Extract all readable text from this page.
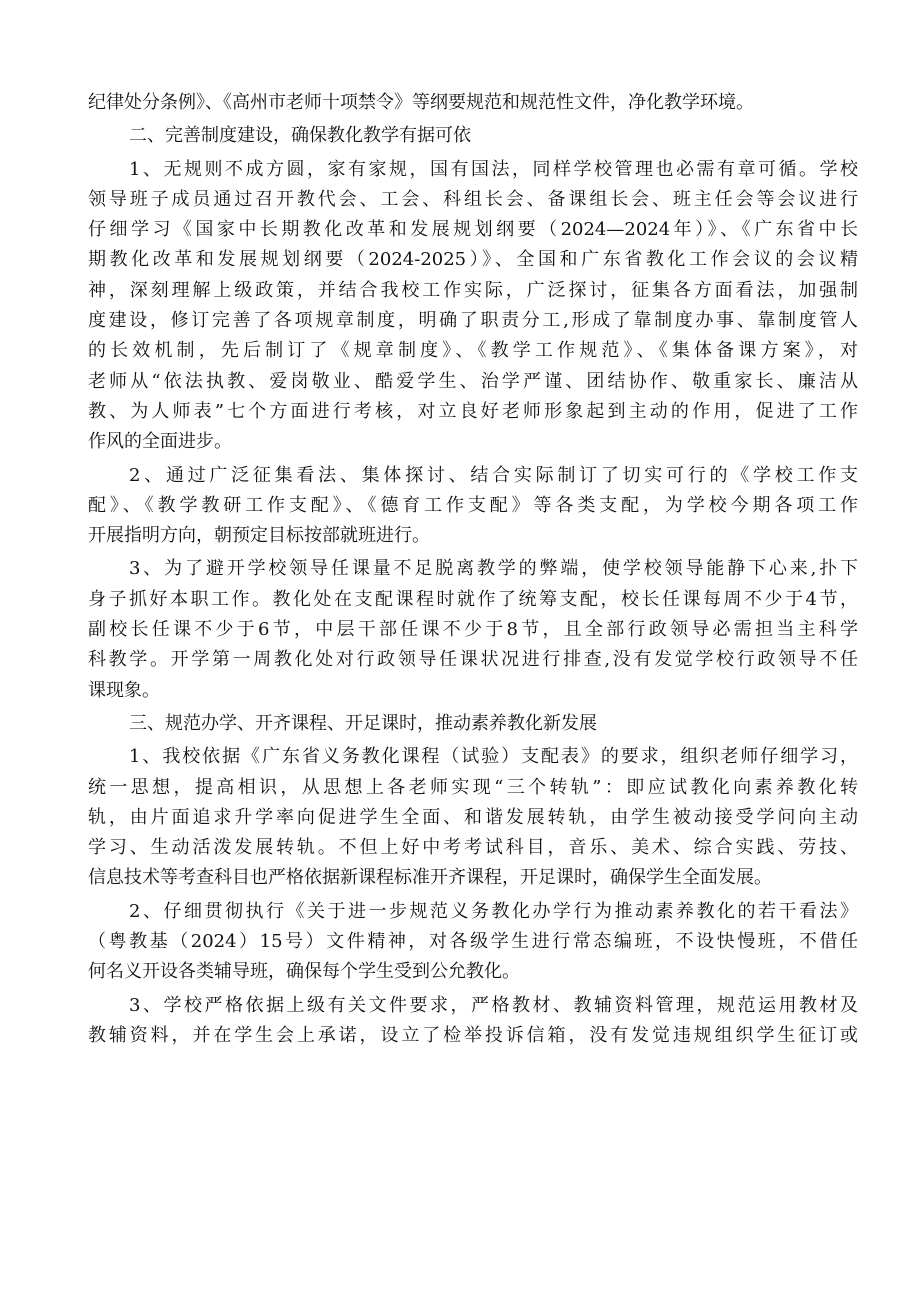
纪律处分条例》、《高州市老师十项禁令》等纲要规范和规范性文件，净化教学环境。
二、完善制度建设，确保教化教学有据可依
1、无规则不成方圆，家有家规，国有国法，同样学校管理也必需有章可循。学校
领导班子成员通过召开教代会、工会、科组长会、备课组长会、班主任会等会议进行
仔细学习《国家中长期教化改革和发展规划纲要（2024—2024年）》、《广东省中长
期教化改革和发展规划纲要（2024-2025）》、全国和广东省教化工作会议的会议精
神，深刻理解上级政策，并结合我校工作实际，广泛探讨，征集各方面看法，加强制
度建设，修订完善了各项规章制度，明确了职责分工,形成了靠制度办事、靠制度管人
的长效机制，先后制订了《规章制度》、《教学工作规范》、《集体备课方案》，对
老师从“依法执教、爱岗敬业、酷爱学生、治学严谨、团结协作、敬重家长、廉洁从
教、为人师表”七个方面进行考核，对立良好老师形象起到主动的作用，促进了工作
作风的全面进步。
2、通过广泛征集看法、集体探讨、结合实际制订了切实可行的《学校工作支
配》、《教学教研工作支配》、《德育工作支配》等各类支配，为学校今期各项工作
开展指明方向，朝预定目标按部就班进行。
3、为了避开学校领导任课量不足脱离教学的弊端，使学校领导能静下心来,扑下
身子抓好本职工作。教化处在支配课程时就作了统筹支配，校长任课每周不少于4节，
副校长任课不少于6节，中层干部任课不少于8节，且全部行政领导必需担当主科学
科教学。开学第一周教化处对行政领导任课状况进行排查,没有发觉学校行政领导不任
课现象。
三、规范办学、开齐课程、开足课时，推动素养教化新发展
1、我校依据《广东省义务教化课程（试验）支配表》的要求，组织老师仔细学习，
统一思想，提高相识，从思想上各老师实现“三个转轨”：即应试教化向素养教化转
轨，由片面追求升学率向促进学生全面、和谐发展转轨，由学生被动接受学问向主动
学习、生动活泼发展转轨。不但上好中考考试科目，音乐、美术、综合实践、劳技、
信息技术等考查科目也严格依据新课程标准开齐课程，开足课时，确保学生全面发展。
2、仔细贯彻执行《关于进一步规范义务教化办学行为推动素养教化的若干看法》
（粤教基（2024）15号）文件精神，对各级学生进行常态编班，不设快慢班，不借任
何名义开设各类辅导班，确保每个学生受到公允教化。
3、学校严格依据上级有关文件要求，严格教材、教辅资料管理，规范运用教材及
教辅资料，并在学生会上承诺，设立了检举投诉信箱，没有发觉违规组织学生征订或
